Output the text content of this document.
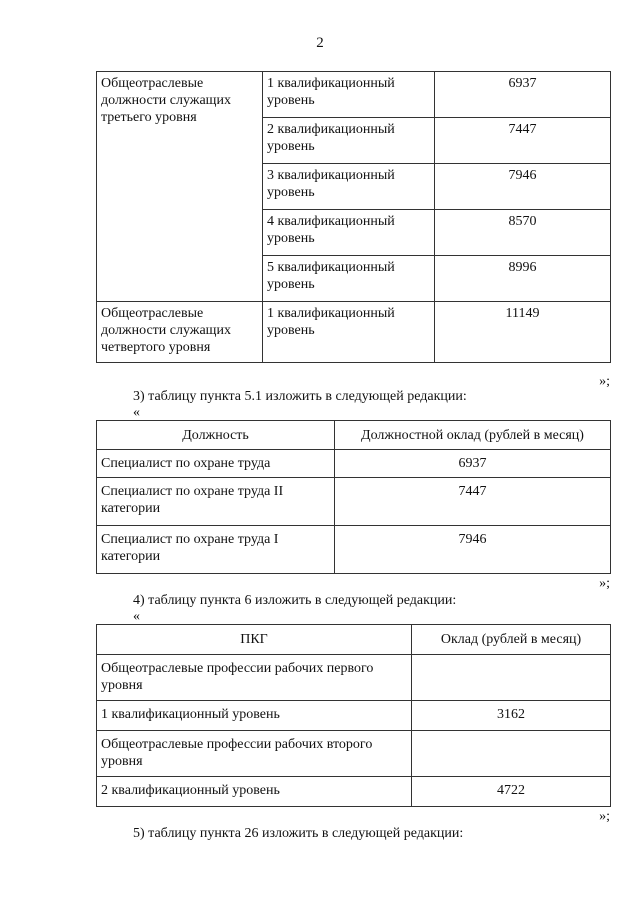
2
Общеотраслевые должности служащих третьего уровня	1 квалификационный уровень	6937
	2 квалификационный уровень	7447
	3 квалификационный уровень	7946
	4 квалификационный уровень	8570
	5 квалификационный уровень	8996
Общеотраслевые должности служащих четвертого уровня	1 квалификационный уровень	11149
»;
3) таблицу пункта 5.1 изложить в следующей редакции:
«
Должность	Должностной оклад (рублей в месяц)
Специалист по охране труда	6937
Специалист по охране труда II категории	7447
Специалист по охране труда I категории	7946
»;
4) таблицу пункта 6 изложить в следующей редакции:
«
ПКГ	Оклад (рублей в месяц)
Общеотраслевые профессии рабочих первого уровня	
1 квалификационный уровень	3162
Общеотраслевые профессии рабочих второго уровня	
2 квалификационный уровень	4722
»;
5) таблицу пункта 26 изложить в следующей редакции:
